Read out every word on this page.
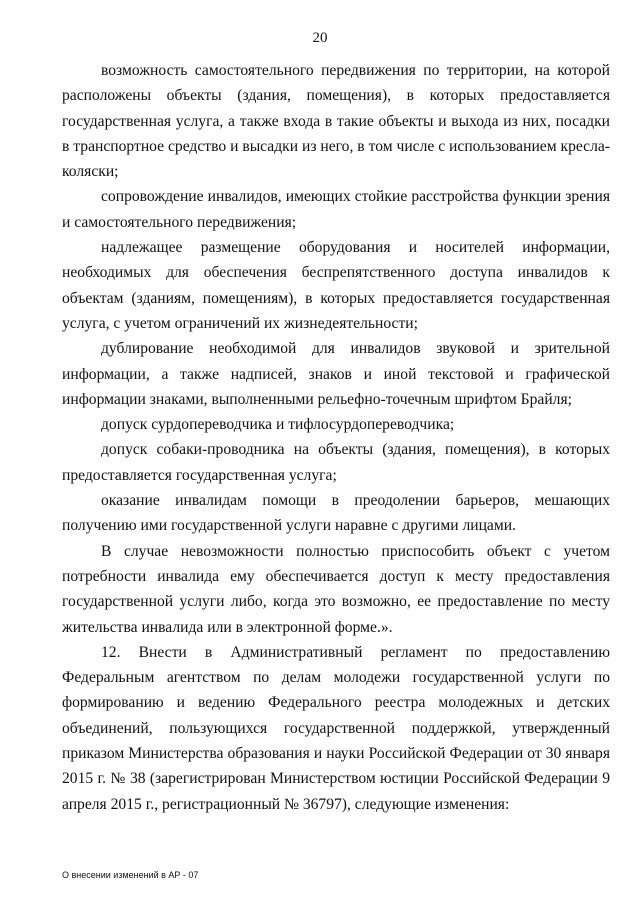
20

возможность самостоятельного передвижения по территории, на которой расположены объекты (здания, помещения), в которых предоставляется государственная услуга, а также входа в такие объекты и выхода из них, посадки в транспортное средство и высадки из него, в том числе с использованием кресла-коляски;

сопровождение инвалидов, имеющих стойкие расстройства функции зрения и самостоятельного передвижения;

надлежащее размещение оборудования и носителей информации, необходимых для обеспечения беспрепятственного доступа инвалидов к объектам (зданиям, помещениям), в которых предоставляется государственная услуга, с учетом ограничений их жизнедеятельности;

дублирование необходимой для инвалидов звуковой и зрительной информации, а также надписей, знаков и иной текстовой и графической информации знаками, выполненными рельефно-точечным шрифтом Брайля;

допуск сурдопереводчика и тифлосурдопереводчика;

допуск собаки-проводника на объекты (здания, помещения), в которых предоставляется государственная услуга;

оказание инвалидам помощи в преодолении барьеров, мешающих получению ими государственной услуги наравне с другими лицами.

В случае невозможности полностью приспособить объект с учетом потребности инвалида ему обеспечивается доступ к месту предоставления государственной услуги либо, когда это возможно, ее предоставление по месту жительства инвалида или в электронной форме.».

12. Внести в Административный регламент по предоставлению Федеральным агентством по делам молодежи государственной услуги по формированию и ведению Федерального реестра молодежных и детских объединений, пользующихся государственной поддержкой, утвержденный приказом Министерства образования и науки Российской Федерации от 30 января 2015 г. № 38 (зарегистрирован Министерством юстиции Российской Федерации 9 апреля 2015 г., регистрационный № 36797), следующие изменения:

О внесении изменений в АР - 07
